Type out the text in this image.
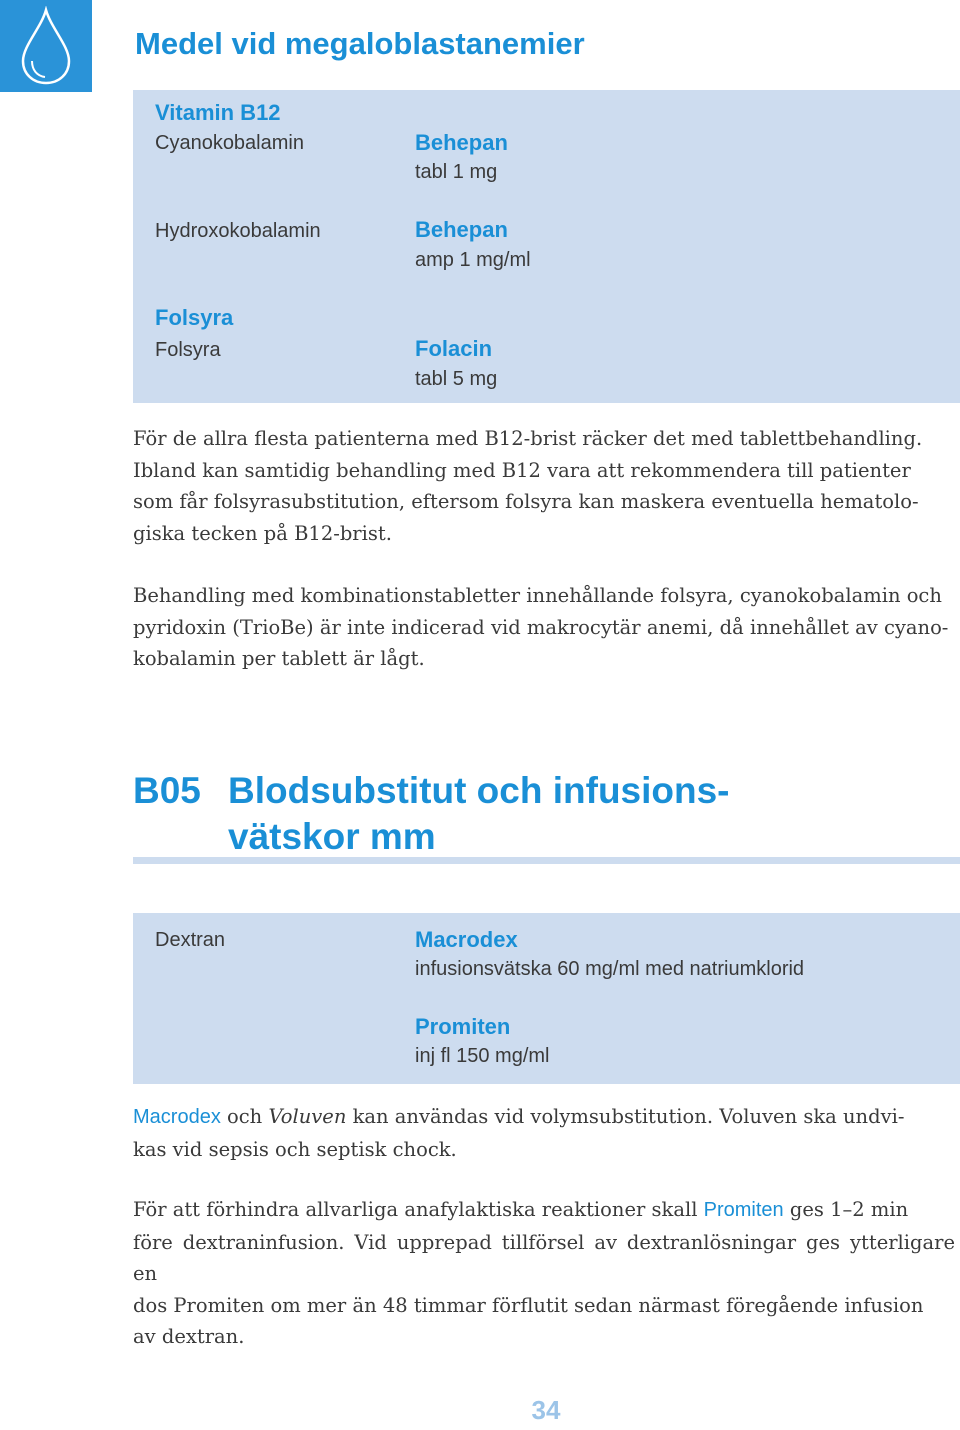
Medel vid megaloblastanemier
Vitamin B12
Cyanokobalamin	Behepan
tabl 1 mg
Hydroxokobalamin	Behepan
amp 1 mg/ml
Folsyra
Folsyra	Folacin
tabl 5 mg

För de allra flesta patienterna med B12-brist räcker det med tablettbehandling.
Ibland kan samtidig behandling med B12 vara att rekommendera till patienter
som får folsyrasubstitution, eftersom folsyra kan maskera eventuella hematolo-
giska tecken på B12-brist.

Behandling med kombinationstabletter innehållande folsyra, cyanokobalamin och
pyridoxin (TrioBe) är inte indicerad vid makrocytär anemi, då innehållet av cyano-
kobalamin per tablett är lågt.

B05 Blodsubstitut och infusions-
vätskor mm
Dextran	Macrodex
infusionsvätska 60 mg/ml med natriumklorid
Promiten
inj fl 150 mg/ml

Macrodex och Voluven kan användas vid volymsubstitution. Voluven ska undvi-
kas vid sepsis och septisk chock.

För att förhindra allvarliga anafylaktiska reaktioner skall Promiten ges 1–2 min
före dextraninfusion. Vid upprepad tillförsel av dextranlösningar ges ytterligare en
dos Promiten om mer än 48 timmar förflutit sedan närmast föregående infusion
av dextran.

34
